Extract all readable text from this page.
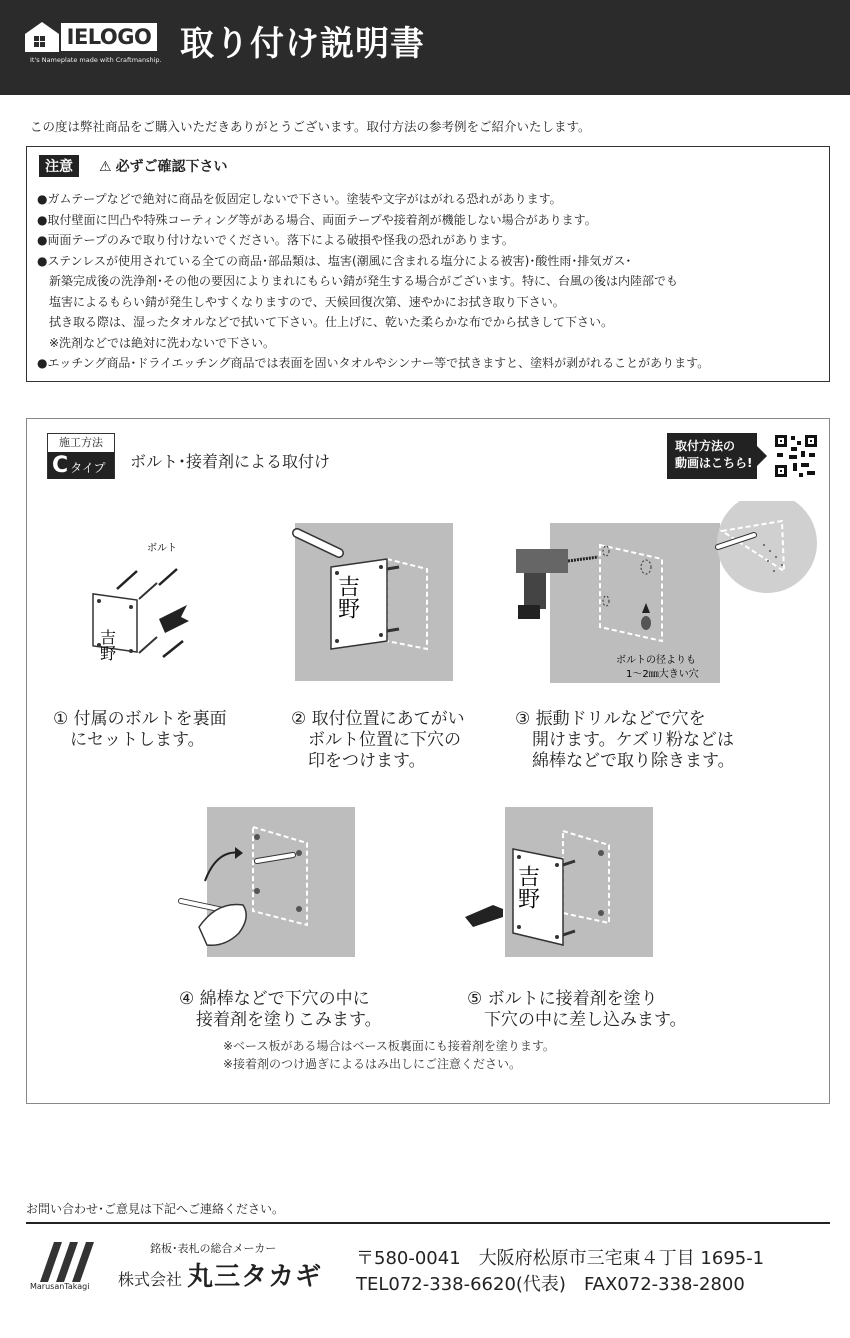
IELOGO
It's Nameplate made with Craftmanship. 取り付け説明書
この度は弊社商品をご購入いただきありがとうございます。取付方法の参考例をご紹介いたします。
注意	⚠ 必ずご確認下さい
●ガムテープなどで絶対に商品を仮固定しないで下さい。塗装や文字がはがれる恐れがあります。
●取付壁面に凹凸や特殊コーティング等がある場合、両面テープや接着剤が機能しない場合があります。
●両面テープのみで取り付けないでください。落下による破損や怪我の恐れがあります。
●ステンレスが使用されている全ての商品･部品類は、塩害(潮風に含まれる塩分による被害)･酸性雨･排気ガス･
　新築完成後の洗浄剤･その他の要因によりまれにもらい錆が発生する場合がございます。特に、台風の後は内陸部でも
　塩害によるもらい錆が発生しやすくなりますので、天候回復次第、速やかにお拭き取り下さい。
　拭き取る際は、湿ったタオルなどで拭いて下さい。仕上げに、乾いた柔らかな布でから拭きして下さい。
　※洗剤などでは絶対に洗わないで下さい。
●エッチング商品･ドライエッチング商品では表面を固いタオルやシンナー等で拭きますと、塗料が剥がれることがあります。
施工方法
Cタイプ	ボルト･接着剤による取付け
取付方法の
動画はこちら!
ボルト
吉野
吉野
ボルトの径よりも
1〜2㎜大きい穴
① 付属のボルトを裏面
　にセットします。
② 取付位置にあてがい
　ボルト位置に下穴の
　印をつけます。
③ 振動ドリルなどで穴を
　開けます。ケズリ粉などは
　綿棒などで取り除きます。
吉野
④ 綿棒などで下穴の中に
　接着剤を塗りこみます。
⑤ ボルトに接着剤を塗り
　下穴の中に差し込みます。
※ベース板がある場合はベース板裏面にも接着剤を塗ります。
※接着剤のつけ過ぎによるはみ出しにご注意ください。
お問い合わせ･ご意見は下記へご連絡ください。
MarusanTakagi
銘板･表札の総合メーカー
株式会社 丸三タカギ
〒580-0041　大阪府松原市三宅東４丁目 1695-1
TEL072-338-6620(代表)　FAX072-338-2800
